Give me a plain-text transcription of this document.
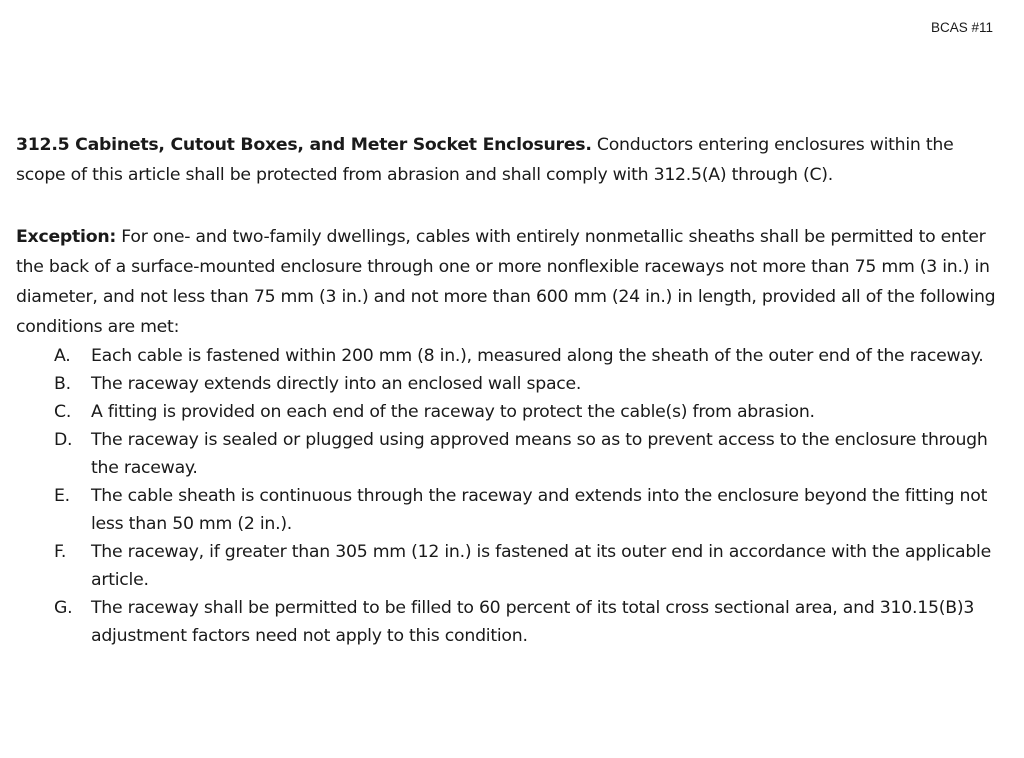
BCAS #11

312.5 Cabinets, Cutout Boxes, and Meter Socket Enclosures. Conductors entering enclosures within the scope of this article shall be protected from abrasion and shall comply with 312.5(A) through (C).

Exception: For one- and two-family dwellings, cables with entirely nonmetallic sheaths shall be permitted to enter the back of a surface-mounted enclosure through one or more nonflexible raceways not more than 75 mm (3 in.) in diameter, and not less than 75 mm (3 in.) and not more than 600 mm (24 in.) in length, provided all of the following conditions are met:

A.	Each cable is fastened within 200 mm (8 in.), measured along the sheath of the outer end of the raceway.
B.	The raceway extends directly into an enclosed wall space.
C.	A fitting is provided on each end of the raceway to protect the cable(s) from abrasion.
D.	The raceway is sealed or plugged using approved means so as to prevent access to the enclosure through the raceway.
E.	The cable sheath is continuous through the raceway and extends into the enclosure beyond the fitting not less than 50 mm (2 in.).
F.	The raceway, if greater than 305 mm (12 in.) is fastened at its outer end in accordance with the applicable article.
G.	The raceway shall be permitted to be filled to 60 percent of its total cross sectional area, and 310.15(B)3 adjustment factors need not apply to this condition.
